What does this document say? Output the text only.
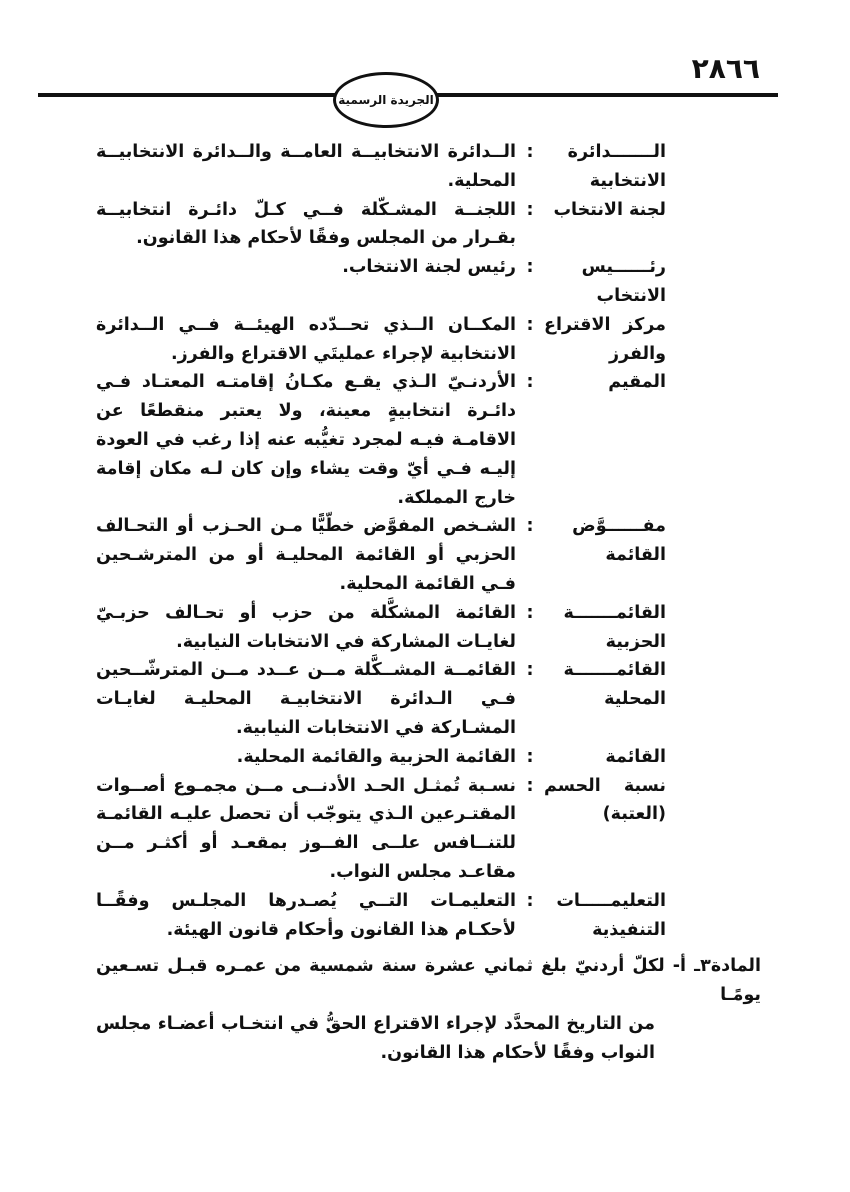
٢٨٦٦
الجريدة الرسمية
الـــــــدائرة
الانتخابية
:
الــدائرة الانتخابيــة العامــة والــدائرة الانتخابيــة المحلية.
لجنة الانتخاب
:
اللجنــة المشـكّلة فــي كـلّ دائـرة انتخابيــة بقـرار من المجلس وفقًا لأحكام هذا القانون.
رئــــــيس
الانتخاب
:
رئيس لجنة الانتخاب.
مركز الاقتراع
والفرز
:
المكــان الــذي تحــدّده الهيئــة فــي الــدائرة الانتخابية لإجراء عمليتَي الاقتراع والفرز.
المقيم
:
الأردنـيّ الـذي يقـع مكـانُ إقامتـه المعتـاد فـي دائـرة انتخابيةٍ معينة، ولا يعتبر منقطعًا عن الاقامـة فيـه لمجرد تغيُّبه عنه إذا رغب في العودة إليـه فـي أيّ وقت يشاء وإن كان لـه مكان إقامة خارج المملكة.
مفــــــوَّض
القائمة
:
الشـخص المفوَّض خطّيًّا مـن الحـزب أو التحـالف الحزبي أو القائمة المحليـة أو من المترشـحين فـي القائمة المحلية.
القائمـــــــة
الحزبية
:
القائمة المشكَّلة من حزب أو تحـالف حزبـيّ لغايـات المشاركة في الانتخابات النيابية.
القائمـــــــة
المحلية
:
القائمــة المشــكَّلة مــن عــدد مــن المترشّــحين فـي الـدائرة الانتخابيـة المحليـة لغايـات المشـاركة في الانتخابات النيابية.
القائمة
:
القائمة الحزبية والقائمة المحلية.
نسبة الحسم
(العتبة)
:
نسـبة تُمثـل الحـد الأدنــى مــن مجمـوع أصــوات المقتـرعين الـذي يتوجّب أن تحصل عليـه القائمـة للتنــافس علــى الفــوز بمقعـد أو أكثـر مــن مقاعـد مجلس النواب.
التعليمـــــات
التنفيذية
:
التعليمـات التــي يُصـدرها المجلـس وفقًــا لأحكـام هذا القانون وأحكام قانون الهيئة.
المادة٣ـ أ- لكلّ أردنيّ بلغ ثماني عشرة سنة شمسية من عمـره قبـل تسـعين يومًـا
من التاريخ المحدَّد لإجراء الاقتراع الحقُّ في انتخـاب أعضـاء مجلس
النواب وفقًا لأحكام هذا القانون.
